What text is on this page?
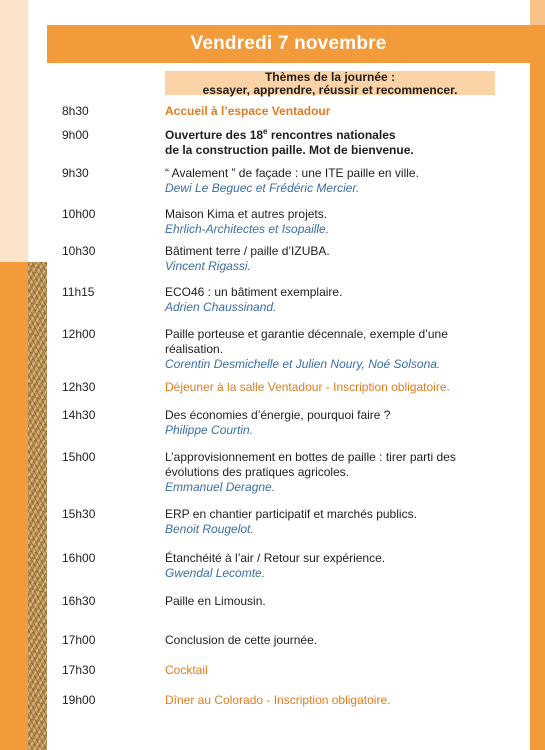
Vendredi 7 novembre
Thèmes de la journée :
essayer, apprendre, réussir et recommencer.
8h30	Accueil à l’espace Ventadour
9h00	Ouverture des 18e rencontres nationales
de la construction paille. Mot de bienvenue.
9h30	“ Avalement ” de façade : une ITE paille en ville.
Dewi Le Beguec et Frédéric Mercier.
10h00	Maison Kima et autres projets.
Ehrlich-Architectes et Isopaille.
10h30	Bâtiment terre / paille d’IZUBA.
Vincent Rigassi.
11h15	ECO46 : un bâtiment exemplaire.
Adrien Chaussinand.
12h00	Paille porteuse et garantie décennale, exemple d’une
réalisation.
Corentin Desmichelle et Julien Noury, Noé Solsona.
12h30	Déjeuner à la salle Ventadour - Inscription obligatoire.
14h30	Des économies d’énergie, pourquoi faire ?
Philippe Courtin.
15h00	L’approvisionnement en bottes de paille : tirer parti des
évolutions des pratiques agricoles.
Emmanuel Deragne.
15h30	ERP en chantier participatif et marchés publics.
Benoit Rougelot.
16h00	Étanchéité à l’air / Retour sur expérience.
Gwendal Lecomte.
16h30	Paille en Limousin.
17h00	Conclusion de cette journée.
17h30	Cocktail
19h00	Dîner au Colorado - Inscription obligatoire.
